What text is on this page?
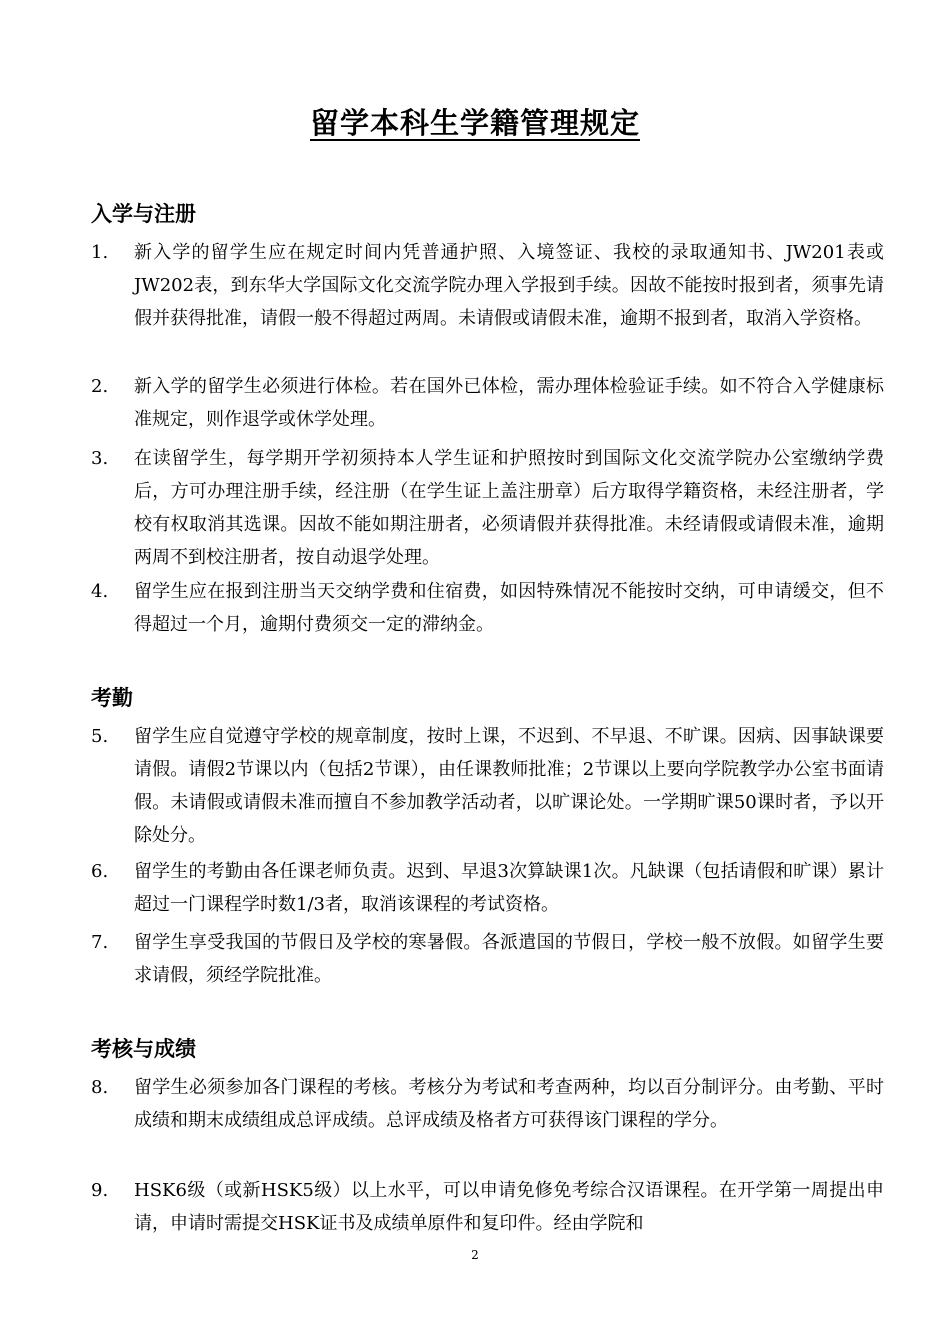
留学本科生学籍管理规定
入学与注册
1. 新入学的留学生应在规定时间内凭普通护照、入境签证、我校的录取通知书、JW201表或JW202表，到东华大学国际文化交流学院办理入学报到手续。因故不能按时报到者，须事先请假并获得批准，请假一般不得超过两周。未请假或请假未准，逾期不报到者，取消入学资格。
2. 新入学的留学生必须进行体检。若在国外已体检，需办理体检验证手续。如不符合入学健康标准规定，则作退学或休学处理。
3. 在读留学生，每学期开学初须持本人学生证和护照按时到国际文化交流学院办公室缴纳学费后，方可办理注册手续，经注册（在学生证上盖注册章）后方取得学籍资格，未经注册者，学校有权取消其选课。因故不能如期注册者，必须请假并获得批准。未经请假或请假未准，逾期两周不到校注册者，按自动退学处理。
4. 留学生应在报到注册当天交纳学费和住宿费，如因特殊情况不能按时交纳，可申请缓交，但不得超过一个月，逾期付费须交一定的滞纳金。
考勤
5. 留学生应自觉遵守学校的规章制度，按时上课，不迟到、不早退、不旷课。因病、因事缺课要请假。请假2节课以内（包括2节课），由任课教师批准；2节课以上要向学院教学办公室书面请假。未请假或请假未准而擅自不参加教学活动者，以旷课论处。一学期旷课50课时者，予以开除处分。
6. 留学生的考勤由各任课老师负责。迟到、早退3次算缺课1次。凡缺课（包括请假和旷课）累计超过一门课程学时数1/3者，取消该课程的考试资格。
7. 留学生享受我国的节假日及学校的寒暑假。各派遣国的节假日，学校一般不放假。如留学生要求请假，须经学院批准。
考核与成绩
8. 留学生必须参加各门课程的考核。考核分为考试和考查两种，均以百分制评分。由考勤、平时成绩和期末成绩组成总评成绩。总评成绩及格者方可获得该门课程的学分。
9. HSK6级（或新HSK5级）以上水平，可以申请免修免考综合汉语课程。在开学第一周提出申请，申请时需提交HSK证书及成绩单原件和复印件。经由学院和
2
